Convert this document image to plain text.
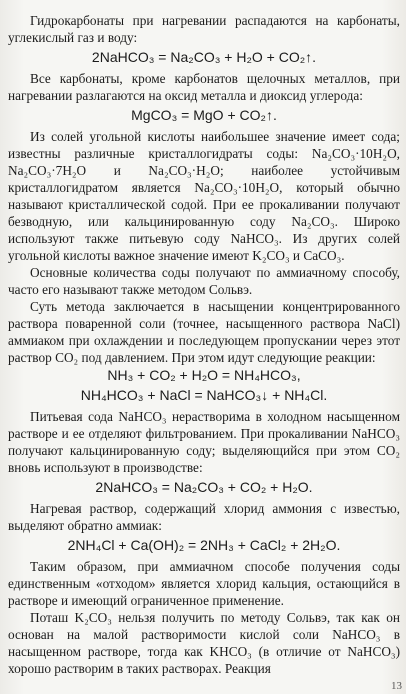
Гидрокарбонаты при нагревании распадаются на карбонаты, углекислый газ и воду:

2NaHCO₃ = Na₂CO₃ + H₂O + CO₂↑.

Все карбонаты, кроме карбонатов щелочных металлов, при нагревании разлагаются на оксид металла и диоксид углерода:

MgCO₃ = MgO + CO₂↑.

Из солей угольной кислоты наибольшее значение имеет сода; известны различные кристаллогидраты соды: Na₂CO₃·10H₂O, Na₂CO₃·7H₂O и Na₂CO₃·H₂O; наиболее устойчивым кристаллогидратом является Na₂CO₃·10H₂O, который обычно называют кристаллической содой. При ее прокаливании получают безводную, или кальцинированную соду Na₂CO₃. Широко используют также питьевую соду NaHCO₃. Из других солей угольной кислоты важное значение имеют K₂CO₃ и CaCO₃.

Основные количества соды получают по аммиачному способу, часто его называют также методом Сольвэ.

Суть метода заключается в насыщении концентрированного раствора поваренной соли (точнее, насыщенного раствора NaCl) аммиаком при охлаждении и последующем пропускании через этот раствор CO₂ под давлением. При этом идут следующие реакции:

NH₃ + CO₂ + H₂O = NH₄HCO₃,

NH₄HCO₃ + NaCl = NaHCO₃↓ + NH₄Cl.

Питьевая сода NaHCO₃ нерастворима в холодном насыщенном растворе и ее отделяют фильтрованием. При прокаливании NaHCO₃ получают кальцинированную соду; выделяющийся при этом CO₂ вновь используют в производстве:

2NaHCO₃ = Na₂CO₃ + CO₂ + H₂O.

Нагревая раствор, содержащий хлорид аммония с известью, выделяют обратно аммиак:

2NH₄Cl + Ca(OH)₂ = 2NH₃ + CaCl₂ + 2H₂O.

Таким образом, при аммиачном способе получения соды единственным «отходом» является хлорид кальция, остающийся в растворе и имеющий ограниченное применение.

Поташ K₂CO₃ нельзя получить по методу Сольвэ, так как он основан на малой растворимости кислой соли NaHCO₃ в насыщенном растворе, тогда как KHCO₃ (в отличие от NaHCO₃) хорошо растворим в таких растворах. Реакция

13
